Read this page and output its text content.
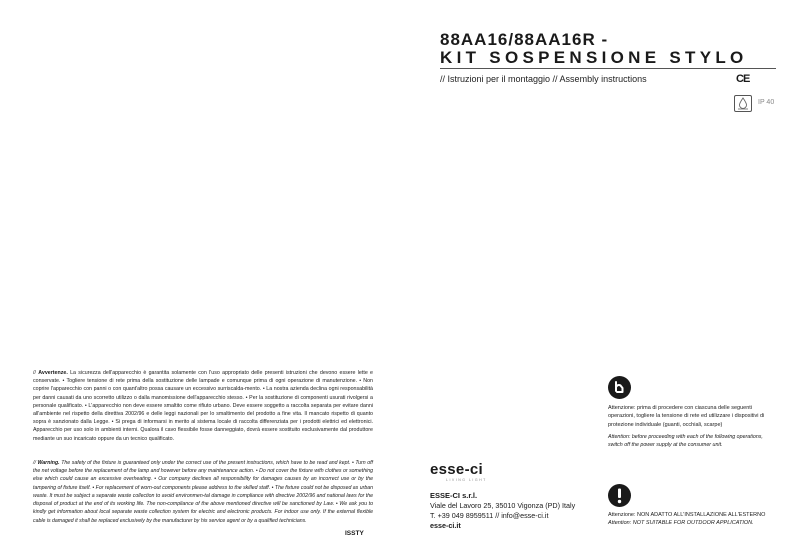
88AA16/88AA16R -
KIT SOSPENSIONE STYLO
// Istruzioni per il montaggio // Assembly instructions	CE
IP 40
// Avvertenze. La sicurezza dell'apparecchio è garantita solamente con l'uso appropriato delle presenti istruzioni che devono essere lette e conservate. • Togliere tensione di rete prima della sostituzione delle lampade e comunque prima di ogni operazione di manutenzione. • Non coprire l'apparecchio con panni o con quant'altro possa causare un eccessivo surriscalda-mento. • La nostra azienda declina ogni responsabilità per danni causati da uno scorretto utilizzo o dalla manomissione dell'apparecchio stesso. • Per la sostituzione di componenti usurati rivolgersi a personale qualificato. • L'apparecchio non deve essere smaltito come rifiuto urbano. Deve essere soggetto a raccolta separata per evitare danni all'ambiente nel rispetto della direttiva 2002/96 e delle leggi nazionali per lo smaltimento del prodotto a fine vita. Il mancato rispetto di quanto sopra è sanzionato dalla Legge. • Si prega di informarsi in merito al sistema locale di raccolta differenziata per i prodotti elettrici ed elettronici. Apparecchio per uso solo in ambienti interni. Qualora il cavo flessibile fosse danneggiato, dovrà essere sostituito esclusivamente dal produttore mediante un suo incaricato oppure da un tecnico qualificato.
// Warning. The safety of the fixture is guaranteed only under the correct use of the present instructions, which have to be read and kept. • Turn off the net voltage before the replacement of the lamp and however before any maintenance action. • Do not cover the fixture with clothes or something else which could cause an excessive overheating. • Our company declines all responsibility for damages causes by an incorrect use or by the tampering of fixture itself. • For replacement of worn-out components please address to the skilled staff. • The fixture could not be disposed as urban waste. It must be subject a separate waste collection to avoid environmen-tal damage in compliance with directive 2002/96 and national laws for the disposal of product at the end of its working life. The non-compliance of the above mentioned directive will be sanctioned by Law. • We ask you to kindly get information about local separate waste collection system for electric and electronic products. For indoor use only. If the external flexible cable is damaged it shall be replaced exclusively by the manufacturer by his service agent or by a qualified technicians.
ISSTY
esse-ci
LIVING LIGHT
ESSE-CI s.r.l.
Viale del Lavoro 25, 35010 Vigonza (PD) Italy
T. +39 049 8959511 // info@esse-ci.it
esse-ci.it
Attenzione: prima di procedere con ciascuna delle seguenti operazioni, togliere la tensione di rete ed utilizzare i dispositivi di protezione individuale (guanti, occhiali, scarpe)
Attention: before proceeding with each of the following operations, switch off the power supply at the consumer unit.
Attenzione: NON ADATTO ALL'INSTALLAZIONE ALL'ESTERNO
Attention: NOT SUITABLE FOR OUTDOOR APPLICATION.
